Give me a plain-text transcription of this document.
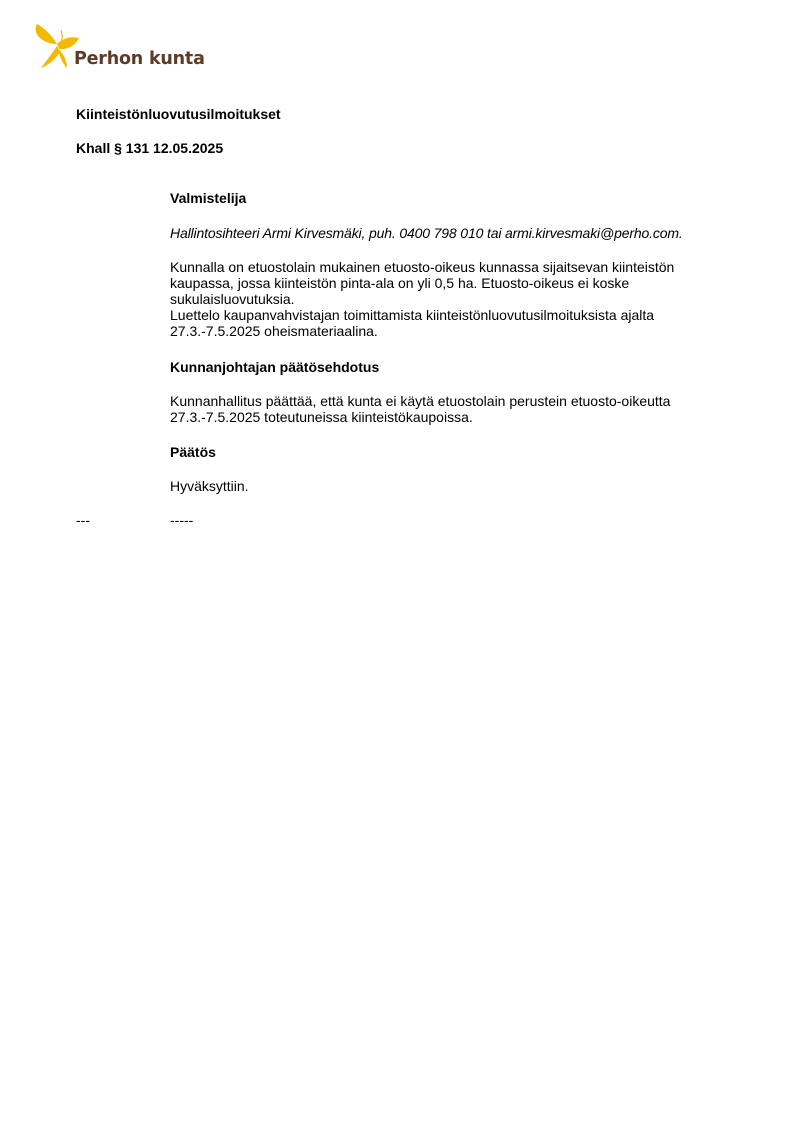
Perhon kunta
Kiinteistönluovutusilmoitukset
Khall § 131 12.05.2025
Valmistelija
Hallintosihteeri Armi Kirvesmäki, puh. 0400 798 010 tai armi.kirvesmaki@perho.com.

Kunnalla on etuostolain mukainen etuosto-oikeus kunnassa sijaitsevan kiinteistön kaupassa, jossa kiinteistön pinta-ala on yli 0,5 ha. Etuosto-oikeus ei koske sukulaisluovutuksia.

Luettelo kaupanvahvistajan toimittamista kiinteistönluovutusilmoituksista ajalta 27.3.-7.5.2025 oheismateriaalina.

Kunnanjohtajan päätösehdotus

Kunnanhallitus päättää, että kunta ei käytä etuostolain perustein etuosto-oikeutta 27.3.-7.5.2025 toteutuneissa kiinteistökaupoissa.

Päätös
Hyväksyttiin.
---	-----
